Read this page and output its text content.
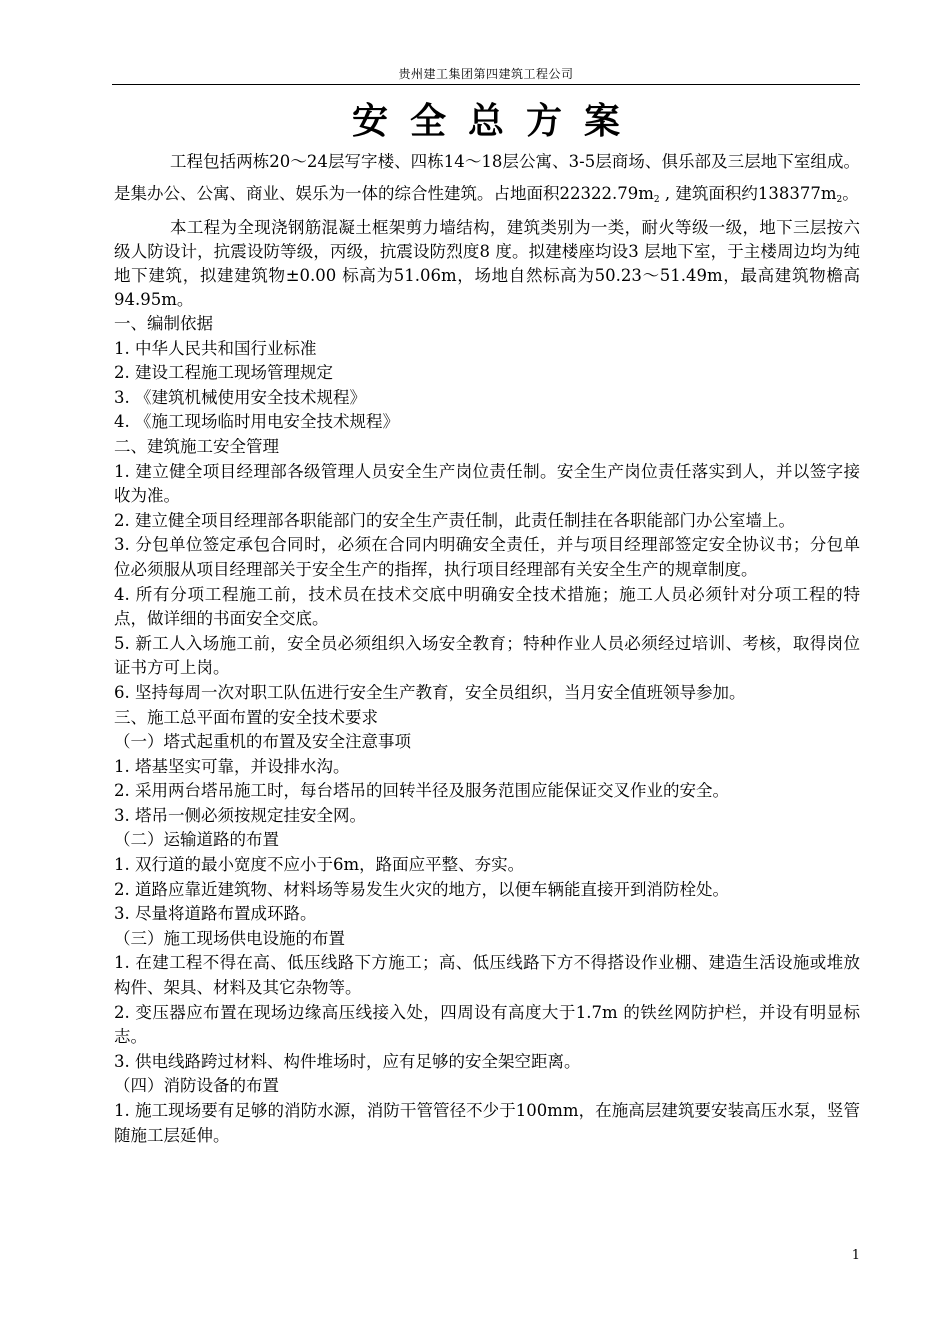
贵州建工集团第四建筑工程公司
安全总方案

工程包括两栋20～24层写字楼、四栋14～18层公寓、3-5层商场、俱乐部及三层地下室组成。是集办公、公寓、商业、娱乐为一体的综合性建筑。占地面积$22322.79m^2$ , 建筑面积约$138377m^2$。

本工程为全现浇钢筋混凝土框架剪力墙结构，建筑类别为一类，耐火等级一级，地下三层按六级人防设计，抗震设防等级，丙级，抗震设防烈度8 度。拟建楼座均设3 层地下室，于主楼周边均为纯地下建筑，拟建建筑物±0.00 标高为51.06m，场地自然标高为50.23～51.49m，最高建筑物檐高94.95m。

一、编制依据

1. 中华人民共和国行业标准

2. 建设工程施工现场管理规定

3. 《建筑机械使用安全技术规程》

4. 《施工现场临时用电安全技术规程》

二、建筑施工安全管理

1. 建立健全项目经理部各级管理人员安全生产岗位责任制。安全生产岗位责任落实到人，并以签字接收为准。

2. 建立健全项目经理部各职能部门的安全生产责任制，此责任制挂在各职能部门办公室墙上。

3. 分包单位签定承包合同时，必须在合同内明确安全责任，并与项目经理部签定安全协议书；分包单位必须服从项目经理部关于安全生产的指挥，执行项目经理部有关安全生产的规章制度。

4. 所有分项工程施工前，技术员在技术交底中明确安全技术措施；施工人员必须针对分项工程的特点，做详细的书面安全交底。

5. 新工人入场施工前，安全员必须组织入场安全教育；特种作业人员必须经过培训、考核，取得岗位证书方可上岗。

6. 坚持每周一次对职工队伍进行安全生产教育，安全员组织，当月安全值班领导参加。

三、施工总平面布置的安全技术要求

（一）塔式起重机的布置及安全注意事项

1. 塔基坚实可靠，并设排水沟。

2. 采用两台塔吊施工时，每台塔吊的回转半径及服务范围应能保证交叉作业的安全。

3. 塔吊一侧必须按规定挂安全网。

（二）运输道路的布置

1. 双行道的最小宽度不应小于6m，路面应平整、夯实。

2. 道路应靠近建筑物、材料场等易发生火灾的地方，以便车辆能直接开到消防栓处。

3. 尽量将道路布置成环路。

（三）施工现场供电设施的布置

1. 在建工程不得在高、低压线路下方施工；高、低压线路下方不得搭设作业棚、建造生活设施或堆放构件、架具、材料及其它杂物等。

2. 变压器应布置在现场边缘高压线接入处，四周设有高度大于1.7m 的铁丝网防护栏，并设有明显标志。

3. 供电线路跨过材料、构件堆场时，应有足够的安全架空距离。

（四）消防设备的布置

1. 施工现场要有足够的消防水源，消防干管管径不少于100mm，在施高层建筑要安装高压水泵，竖管随施工层延伸。

1
